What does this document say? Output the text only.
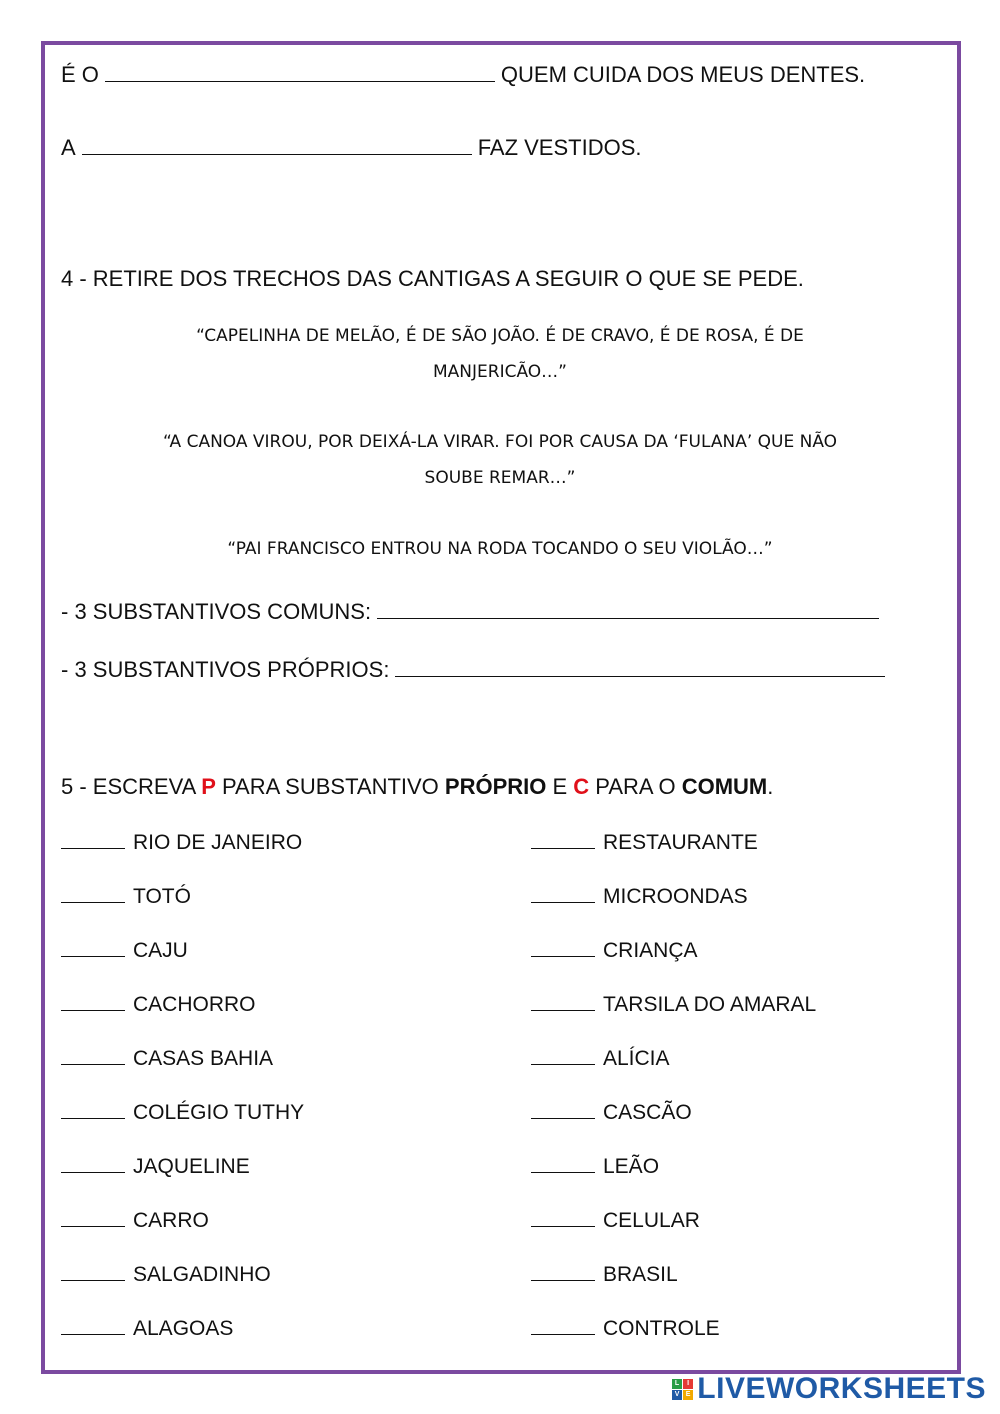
É O	QUEM CUIDA DOS MEUS DENTES.
A	FAZ VESTIDOS.
4 - RETIRE DOS TRECHOS DAS CANTIGAS A SEGUIR O QUE SE PEDE.
“CAPELINHA DE MELÃO, É DE SÃO JOÃO. É DE CRAVO, É DE ROSA, É DE
MANJERICÃO…”
“A CANOA VIROU, POR DEIXÁ-LA VIRAR. FOI POR CAUSA DA ‘FULANA’ QUE NÃO
SOUBE REMAR…”
“PAI FRANCISCO ENTROU NA RODA TOCANDO O SEU VIOLÃO…”
- 3 SUBSTANTIVOS COMUNS:
- 3 SUBSTANTIVOS PRÓPRIOS:
5 - ESCREVA P PARA SUBSTANTIVO PRÓPRIO E C PARA O COMUM.
RIO DE JANEIRO
TOTÓ
CAJU
CACHORRO
CASAS BAHIA
COLÉGIO TUTHY
JAQUELINE
CARRO
SALGADINHO
ALAGOAS
RESTAURANTE
MICROONDAS
CRIANÇA
TARSILA DO AMARAL
ALÍCIA
CASCÃO
LEÃO
CELULAR
BRASIL
CONTROLE
L	I
V E LIVEWORKSHEETS
